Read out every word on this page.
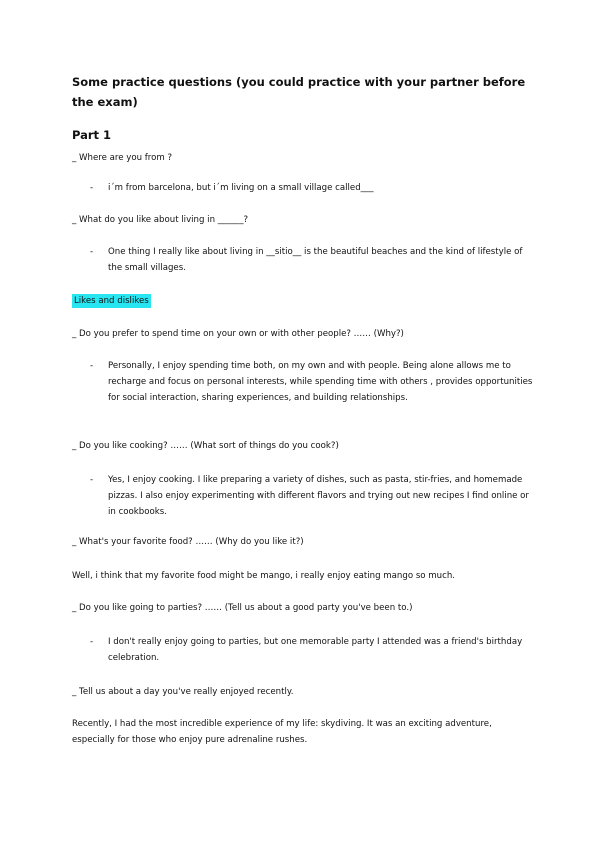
Some practice questions (you could practice with your partner before the exam)
Part 1
_ Where are you from ?
- i´m from barcelona, but i´m living on a small village called___
_ What do you like about living in ______?
- One thing I really like about living in __sitio__ is the beautiful beaches and the kind of lifestyle of the small villages.
Likes and dislikes
_ Do you prefer to spend time on your own or with other people? …… (Why?)
- Personally, I enjoy spending time both, on my own and with people. Being alone allows me to recharge and focus on personal interests, while spending time with others , provides opportunities for social interaction, sharing experiences, and building relationships.
_ Do you like cooking? …… (What sort of things do you cook?)
- Yes, I enjoy cooking. I like preparing a variety of dishes, such as pasta, stir-fries, and homemade pizzas. I also enjoy experimenting with different flavors and trying out new recipes I find online or in cookbooks.
_ What's your favorite food? …… (Why do you like it?)
Well, i think that my favorite food might be mango, i really enjoy eating mango so much.
_ Do you like going to parties? …… (Tell us about a good party you've been to.)
- I don't really enjoy going to parties, but one memorable party I attended was a friend's birthday celebration.
_ Tell us about a day you've really enjoyed recently.
Recently, I had the most incredible experience of my life: skydiving. It was an exciting adventure, especially for those who enjoy pure adrenaline rushes.
